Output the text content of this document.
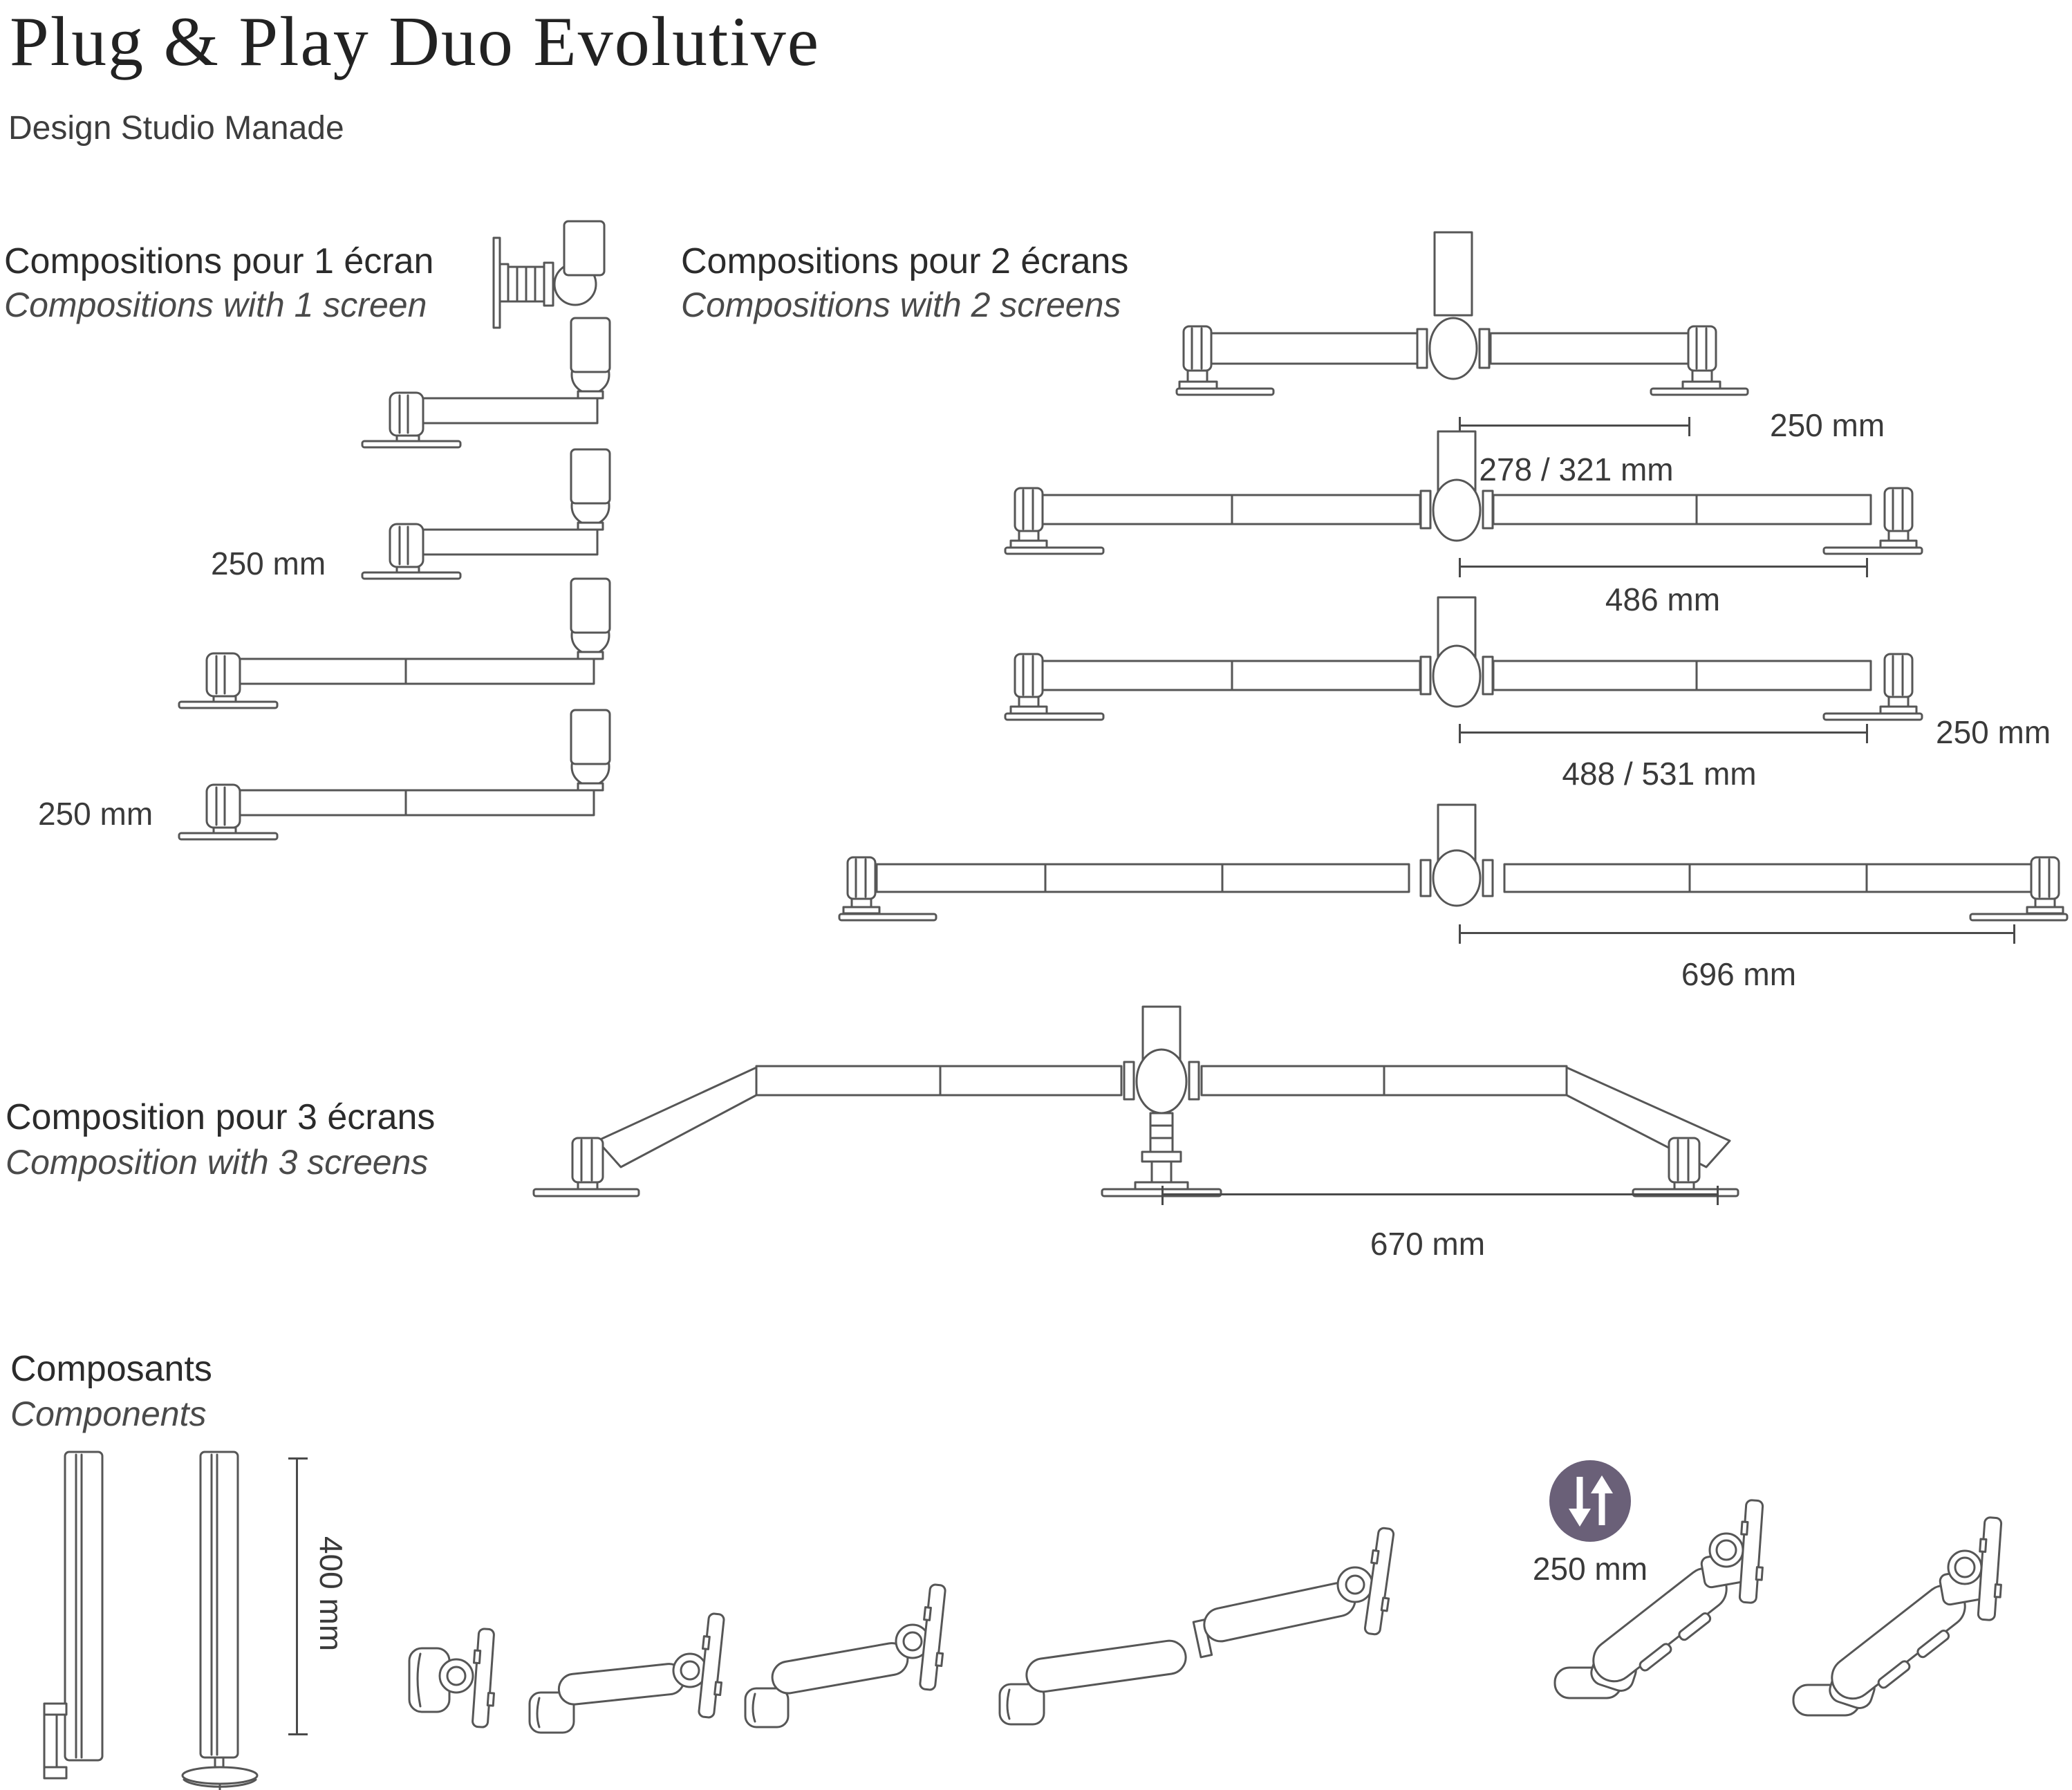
Plug & Play Duo Evolutive
Design Studio Manade
Compositions pour 1 écran
Compositions with 1 screen
250 mm
250 mm
Compositions pour 2 écrans
Compositions with 2 screens
250 mm
278 / 321 mm
486 mm
250 mm
488 / 531 mm
696 mm
Composition pour 3 écrans
Composition with 3 screens
670 mm
Composants
Components
400 mm	250 mm
